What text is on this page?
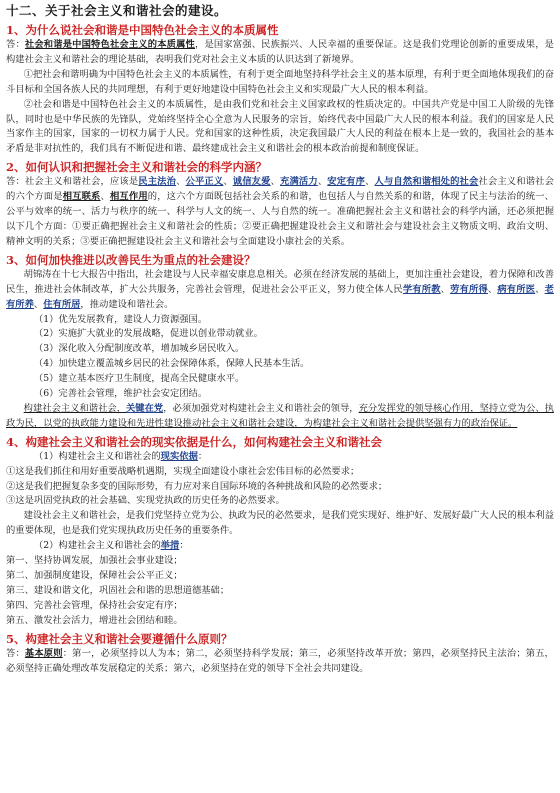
十二、关于社会主义和谐社会的建设。
1、为什么说社会和谐是中国特色社会主义的本质属性

答：社会和谐是中国特色社会主义的本质属性，是国家富强、民族振兴、人民幸福的重要保证。这是我们党理论创新的重要成果，是构建社会主义和谐社会的理论基础，表明我们党对社会主义本质的认识达到了新境界。

①把社会和谐明确为中国特色社会主义的本质属性，有利于更全面地坚持科学社会主义的基本原理，有利于更全面地体现我们的奋斗目标和全国各族人民的共同理想，有利于更好地建设中国特色社会主义和实现最广大人民的根本利益。

②社会和谐是中国特色社会主义的本质属性，是由我们党和社会主义国家政权的性质决定的。中国共产党是中国工人阶级的先锋队，同时也是中华民族的先锋队，党始终坚持全心全意为人民服务的宗旨，始终代表中国最广大人民的根本利益。我们的国家是人民当家作主的国家，国家的一切权力属于人民。党和国家的这种性质，决定我国最广大人民的利益在根本上是一致的，我国社会的基本矛盾是非对抗性的，我们具有不断促进和谐、最终建成社会主义和谐社会的根本政治前提和制度保证。

2、如何认识和把握社会主义和谐社会的科学内涵？

答：社会主义和谐社会，应该是民主法治、公平正义、诚信友爱、充满活力、安定有序、人与自然和谐相处的社会社会主义和谐社会的六个方面是相互联系、相互作用的，这六个方面既包括社会关系的和谐，也包括人与自然关系的和谐，体现了民主与法治的统一、公平与效率的统一、活力与秩序的统一、科学与人文的统一、人与自然的统一。准确把握社会主义和谐社会的科学内涵，还必须把握以下几个方面：①要正确把握社会主义和谐社会的性质；②要正确把握建设社会主义和谐社会与建设社会主义物质文明、政治文明、精神文明的关系；③要正确把握建设社会主义和谐社会与全面建设小康社会的关系。

3、如何加快推进以改善民生为重点的社会建设？

胡锦涛在十七大报告中指出，社会建设与人民幸福安康息息相关。必须在经济发展的基础上，更加注重社会建设，着力保障和改善民生，推进社会体制改革，扩大公共服务，完善社会管理，促进社会公平正义，努力使全体人民学有所教、劳有所得、病有所医、老有所养、住有所居，推动建设和谐社会。

（1）优先发展教育，建设人力资源强国。

（2）实施扩大就业的发展战略，促进以创业带动就业。

（3）深化收入分配制度改革，增加城乡居民收入。

（4）加快建立覆盖城乡居民的社会保障体系，保障人民基本生活。

（5）建立基本医疗卫生制度，提高全民健康水平。

（6）完善社会管理，维护社会安定团结。

构建社会主义和谐社会，关键在党，必须加强党对构建社会主义和谐社会的领导，充分发挥党的领导核心作用，坚持立党为公、执政为民，以党的执政能力建设和先进性建设推动社会主义和谐社会建设，为构建社会主义和谐社会提供坚强有力的政治保证。

4、构建社会主义和谐社会的现实依据是什么，如何构建社会主义和谐社会

（1）构建社会主义和谐社会的现实依据：

①这是我们抓住和用好重要战略机遇期，实现全面建设小康社会宏伟目标的必然要求；

②这是我们把握复杂多变的国际形势，有力应对来自国际环境的各种挑战和风险的必然要求；

③这是巩固党执政的社会基础、实现党执政的历史任务的必然要求。

建设社会主义和谐社会，是我们党坚持立党为公、执政为民的必然要求，是我们党实现好、维护好、发展好最广大人民的根本利益的重要体现，也是我们党实现执政历史任务的重要条件。

（2）构建社会主义和谐社会的举措：

第一、坚持协调发展，加强社会事业建设；

第二、加强制度建设，保障社会公平正义；

第三、建设和谐文化，巩固社会和谐的思想道德基础；

第四、完善社会管理，保持社会安定有序；

第五、激发社会活力，增进社会团结和睦。

5、构建社会主义和谐社会要遵循什么原则？

答：基本原则：第一，必须坚持以人为本；第二，必须坚持科学发展；第三，必须坚持改革开放；第四，必须坚持民主法治；第五，必须坚持正确处理改革发展稳定的关系；第六，必须坚持在党的领导下全社会共同建设。
